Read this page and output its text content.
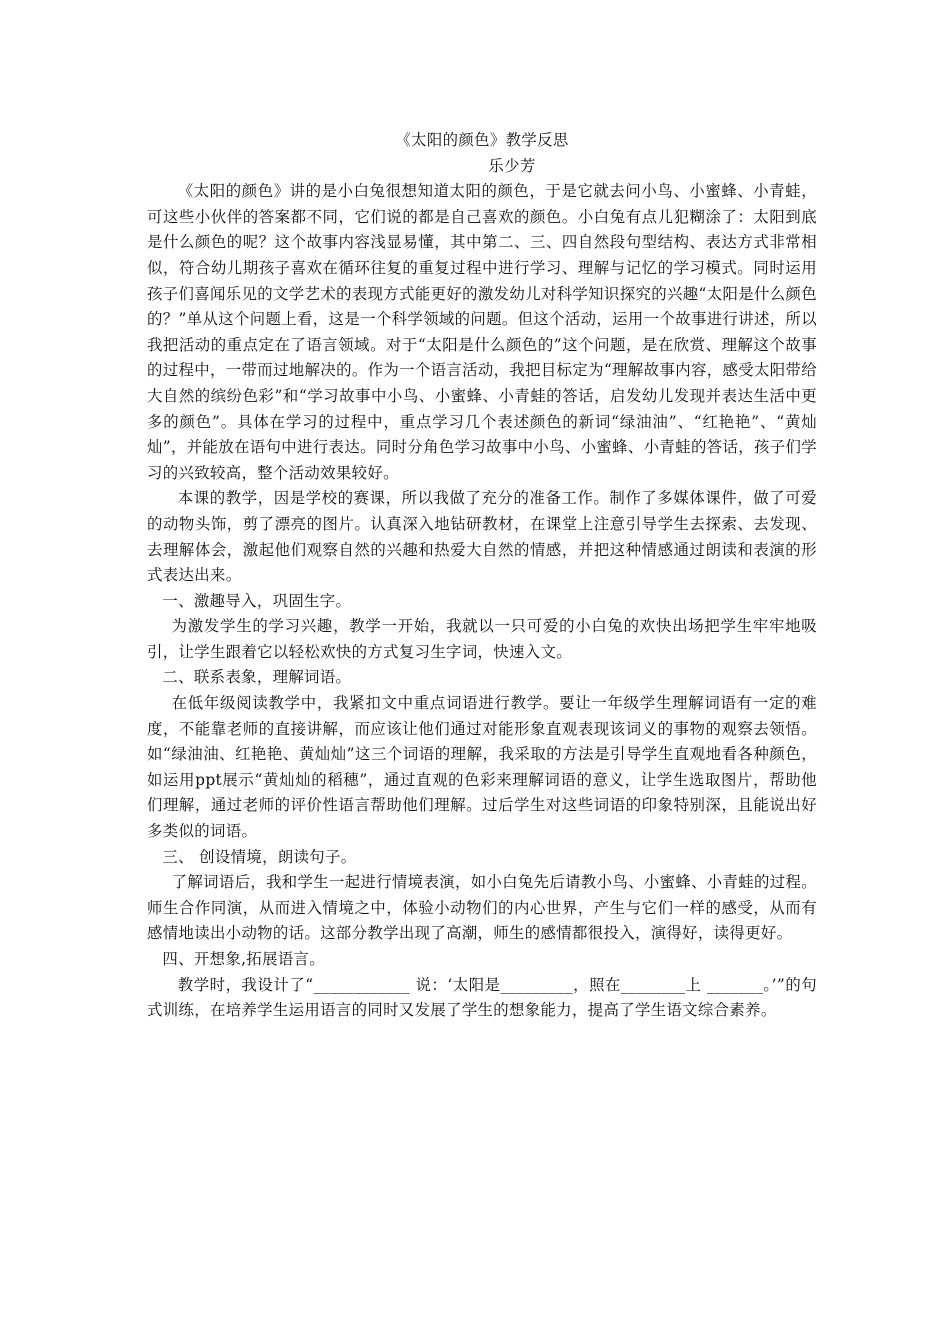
《太阳的颜色》教学反思

乐少芳

《太阳的颜色》讲的是小白兔很想知道太阳的颜色，于是它就去问小鸟、小蜜蜂、小青蛙，可这些小伙伴的答案都不同，它们说的都是自己喜欢的颜色。小白兔有点儿犯糊涂了：太阳到底是什么颜色的呢？这个故事内容浅显易懂，其中第二、三、四自然段句型结构、表达方式非常相似，符合幼儿期孩子喜欢在循环往复的重复过程中进行学习、理解与记忆的学习模式。同时运用孩子们喜闻乐见的文学艺术的表现方式能更好的激发幼儿对科学知识探究的兴趣“太阳是什么颜色的？”单从这个问题上看，这是一个科学领域的问题。但这个活动，运用一个故事进行讲述，所以我把活动的重点定在了语言领域。对于“太阳是什么颜色的”这个问题，是在欣赏、理解这个故事的过程中，一带而过地解决的。作为一个语言活动，我把目标定为“理解故事内容，感受太阳带给大自然的缤纷色彩”和“学习故事中小鸟、小蜜蜂、小青蛙的答话，启发幼儿发现并表达生活中更多的颜色”。具体在学习的过程中，重点学习几个表述颜色的新词“绿油油”、“红艳艳”、“黄灿灿”，并能放在语句中进行表达。同时分角色学习故事中小鸟、小蜜蜂、小青蛙的答话，孩子们学习的兴致较高，整个活动效果较好。

本课的教学，因是学校的赛课，所以我做了充分的准备工作。制作了多媒体课件，做了可爱的动物头饰，剪了漂亮的图片。认真深入地钻研教材，在课堂上注意引导学生去探索、去发现、去理解体会，激起他们观察自然的兴趣和热爱大自然的情感，并把这种情感通过朗读和表演的形式表达出来。

一、激趣导入，巩固生字。

为激发学生的学习兴趣，教学一开始，我就以一只可爱的小白兔的欢快出场把学生牢牢地吸引，让学生跟着它以轻松欢快的方式复习生字词，快速入文。

二、联系表象，理解词语。

在低年级阅读教学中，我紧扣文中重点词语进行教学。要让一年级学生理解词语有一定的难度，不能靠老师的直接讲解，而应该让他们通过对能形象直观表现该词义的事物的观察去领悟。如“绿油油、红艳艳、黄灿灿”这三个词语的理解，我采取的方法是引导学生直观地看各种颜色，如运用ppt展示“黄灿灿的稻穗”，通过直观的色彩来理解词语的意义，让学生选取图片，帮助他们理解，通过老师的评价性语言帮助他们理解。过后学生对这些词语的印象特别深，且能说出好多类似的词语。

三、 创设情境，朗读句子。

了解词语后，我和学生一起进行情境表演，如小白兔先后请教小鸟、小蜜蜂、小青蛙的过程。师生合作同演，从而进入情境之中，体验小动物们的内心世界，产生与它们一样的感受，从而有感情地读出小动物的话。这部分教学出现了高潮，师生的感情都很投入，演得好，读得更好。

四、开想象,拓展语言。

教学时，我设计了“____________ 说：‘太阳是_________，照在________上 _______。’”的句式训练，在培养学生运用语言的同时又发展了学生的想象能力，提高了学生语文综合素养。
